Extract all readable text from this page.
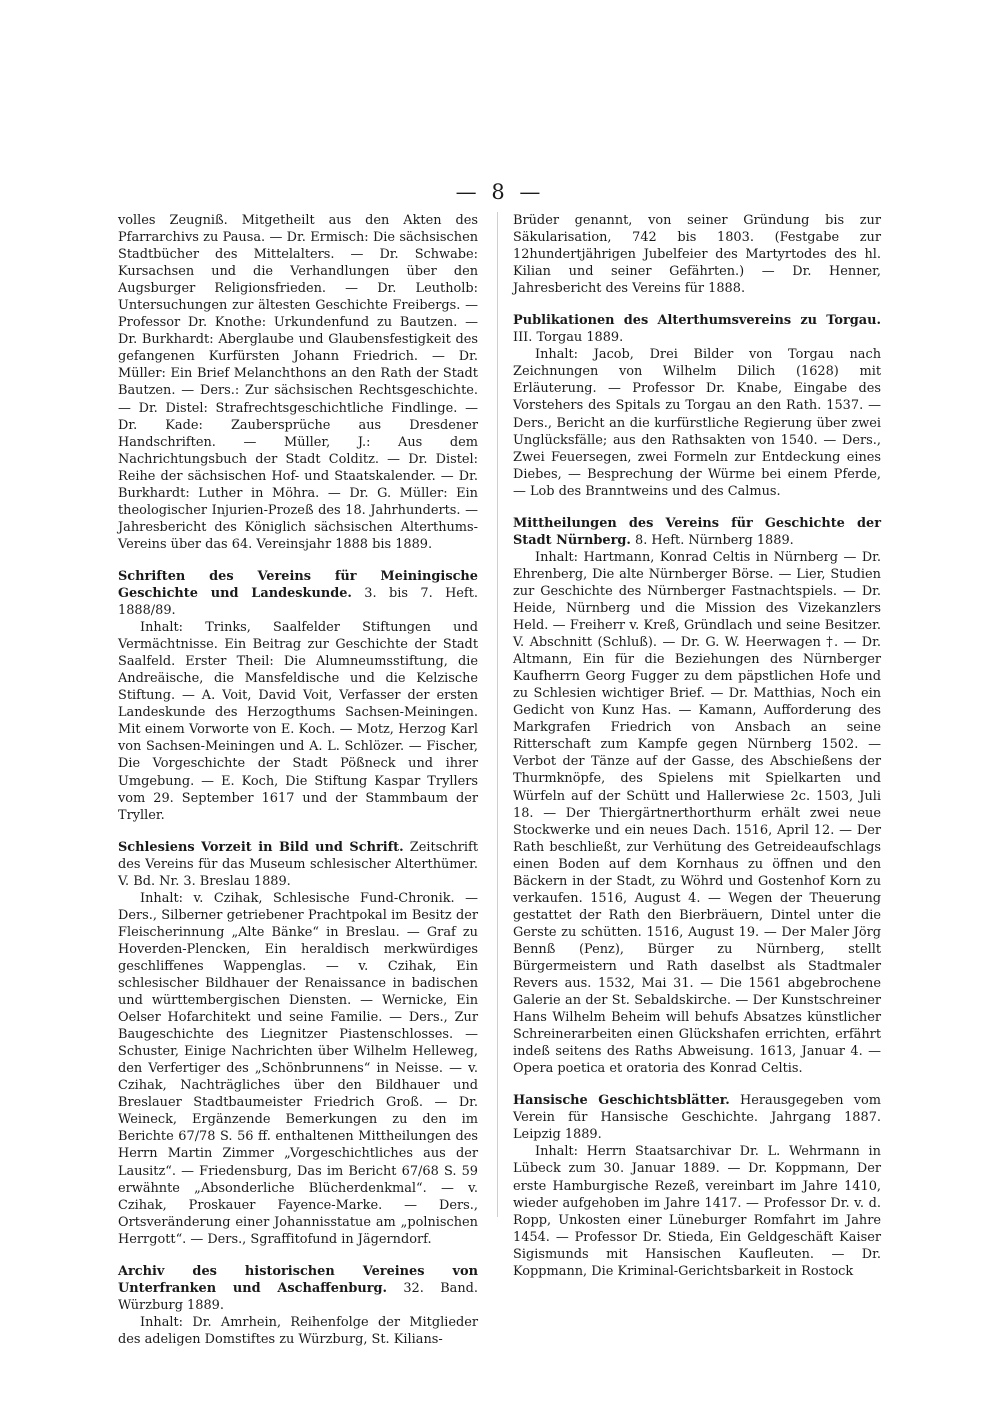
— 8 —

volles Zeugniß. Mitgetheilt aus den Akten des Pfarrarchivs zu Pausa. — Dr. Ermisch: Die sächsischen Stadtbücher des Mittelalters. — Dr. Schwabe: Kursachsen und die Verhandlungen über den Augsburger Religionsfrieden. — Dr. Leutholb: Untersuchungen zur ältesten Geschichte Freibergs. — Professor Dr. Knothe: Urkundenfund zu Bautzen. — Dr. Burkhardt: Aberglaube und Glaubensfestigkeit des gefangenen Kurfürsten Johann Friedrich. — Dr. Müller: Ein Brief Melanchthons an den Rath der Stadt Bautzen. — Ders.: Zur sächsischen Rechtsgeschichte. — Dr. Distel: Strafrechtsgeschichtliche Findlinge. — Dr. Kade: Zaubersprüche aus Dresdener Handschriften. — Müller, J.: Aus dem Nachrichtungsbuch der Stadt Colditz. — Dr. Distel: Reihe der sächsischen Hof- und Staatskalender. — Dr. Burkhardt: Luther in Möhra. — Dr. G. Müller: Ein theologischer Injurien-Prozeß des 18. Jahrhunderts. — Jahresbericht des Königlich sächsischen Alterthums-Vereins über das 64. Vereinsjahr 1888 bis 1889.

Schriften des Vereins für Meiningische Geschichte und Landeskunde. 3. bis 7. Heft. 1888/89.

Inhalt: Trinks, Saalfelder Stiftungen und Vermächtnisse. Ein Beitrag zur Geschichte der Stadt Saalfeld. Erster Theil: Die Alumneumsstiftung, die Andreäische, die Mansfeldische und die Kelzische Stiftung. — A. Voit, David Voit, Verfasser der ersten Landeskunde des Herzogthums Sachsen-Meiningen. Mit einem Vorworte von E. Koch. — Motz, Herzog Karl von Sachsen-Meiningen und A. L. Schlözer. — Fischer, Die Vorgeschichte der Stadt Pößneck und ihrer Umgebung. — E. Koch, Die Stiftung Kaspar Tryllers vom 29. September 1617 und der Stammbaum der Tryller.

Schlesiens Vorzeit in Bild und Schrift. Zeitschrift des Vereins für das Museum schlesischer Alterthümer. V. Bd. Nr. 3. Breslau 1889.

Inhalt: v. Czihak, Schlesische Fund-Chronik. — Ders., Silberner getriebener Prachtpokal im Besitz der Fleischerinnung „Alte Bänke“ in Breslau. — Graf zu Hoverden-Plencken, Ein heraldisch merkwürdiges geschliffenes Wappenglas. — v. Czihak, Ein schlesischer Bildhauer der Renaissance in badischen und württembergischen Diensten. — Wernicke, Ein Oelser Hofarchitekt und seine Familie. — Ders., Zur Baugeschichte des Liegnitzer Piastenschlosses. — Schuster, Einige Nachrichten über Wilhelm Helleweg, den Verfertiger des „Schönbrunnens“ in Neisse. — v. Czihak, Nachträgliches über den Bildhauer und Breslauer Stadtbaumeister Friedrich Groß. — Dr. Weineck, Ergänzende Bemerkungen zu den im Berichte 67/78 S. 56 ff. enthaltenen Mittheilungen des Herrn Martin Zimmer „Vorgeschichtliches aus der Lausitz“. — Friedensburg, Das im Bericht 67/68 S. 59 erwähnte „Absonderliche Blücherdenkmal“. — v. Czihak, Proskauer Fayence-Marke. — Ders., Ortsveränderung einer Johannisstatue am „polnischen Herrgott“. — Ders., Sgraffitofund in Jägerndorf.

Archiv des historischen Vereines von Unterfranken und Aschaffenburg. 32. Band. Würzburg 1889.

Inhalt: Dr. Amrhein, Reihenfolge der Mitglieder des adeligen Domstiftes zu Würzburg, St. Kilians-

Brüder genannt, von seiner Gründung bis zur Säkularisation, 742 bis 1803. (Festgabe zur 12hundertjährigen Jubelfeier des Martyrtodes des hl. Kilian und seiner Gefährten.) — Dr. Henner, Jahresbericht des Vereins für 1888.

Publikationen des Alterthumsvereins zu Torgau. III. Torgau 1889.

Inhalt: Jacob, Drei Bilder von Torgau nach Zeichnungen von Wilhelm Dilich (1628) mit Erläuterung. — Professor Dr. Knabe, Eingabe des Vorstehers des Spitals zu Torgau an den Rath. 1537. — Ders., Bericht an die kurfürstliche Regierung über zwei Unglücksfälle; aus den Rathsakten von 1540. — Ders., Zwei Feuersegen, zwei Formeln zur Entdeckung eines Diebes, — Besprechung der Würme bei einem Pferde, — Lob des Branntweins und des Calmus.

Mittheilungen des Vereins für Geschichte der Stadt Nürnberg. 8. Heft. Nürnberg 1889.

Inhalt: Hartmann, Konrad Celtis in Nürnberg — Dr. Ehrenberg, Die alte Nürnberger Börse. — Lier, Studien zur Geschichte des Nürnberger Fastnachtspiels. — Dr. Heide, Nürnberg und die Mission des Vizekanzlers Held. — Freiherr v. Kreß, Gründlach und seine Besitzer. V. Abschnitt (Schluß). — Dr. G. W. Heerwagen †. — Dr. Altmann, Ein für die Beziehungen des Nürnberger Kaufherrn Georg Fugger zu dem päpstlichen Hofe und zu Schlesien wichtiger Brief. — Dr. Matthias, Noch ein Gedicht von Kunz Has. — Kamann, Aufforderung des Markgrafen Friedrich von Ansbach an seine Ritterschaft zum Kampfe gegen Nürnberg 1502. — Verbot der Tänze auf der Gasse, des Abschießens der Thurmknöpfe, des Spielens mit Spielkarten und Würfeln auf der Schütt und Hallerwiese 2c. 1503, Juli 18. — Der Thiergärtnerthorthurm erhält zwei neue Stockwerke und ein neues Dach. 1516, April 12. — Der Rath beschließt, zur Verhütung des Getreideaufschlags einen Boden auf dem Kornhaus zu öffnen und den Bäckern in der Stadt, zu Wöhrd und Gostenhof Korn zu verkaufen. 1516, August 4. — Wegen der Theuerung gestattet der Rath den Bierbräuern, Dintel unter die Gerste zu schütten. 1516, August 19. — Der Maler Jörg Bennß (Penz), Bürger zu Nürnberg, stellt Bürgermeistern und Rath daselbst als Stadtmaler Revers aus. 1532, Mai 31. — Die 1561 abgebrochene Galerie an der St. Sebaldskirche. — Der Kunstschreiner Hans Wilhelm Beheim will behufs Absatzes künstlicher Schreinerarbeiten einen Glückshafen errichten, erfährt indeß seitens des Raths Abweisung. 1613, Januar 4. — Opera poetica et oratoria des Konrad Celtis.

Hansische Geschichtsblätter. Herausgegeben vom Verein für Hansische Geschichte. Jahrgang 1887. Leipzig 1889.

Inhalt: Herrn Staatsarchivar Dr. L. Wehrmann in Lübeck zum 30. Januar 1889. — Dr. Koppmann, Der erste Hamburgische Rezeß, vereinbart im Jahre 1410, wieder aufgehoben im Jahre 1417. — Professor Dr. v. d. Ropp, Unkosten einer Lüneburger Romfahrt im Jahre 1454. — Professor Dr. Stieda, Ein Geldgeschäft Kaiser Sigismunds mit Hansischen Kaufleuten. — Dr. Koppmann, Die Kriminal-Gerichtsbarkeit in Rostock
